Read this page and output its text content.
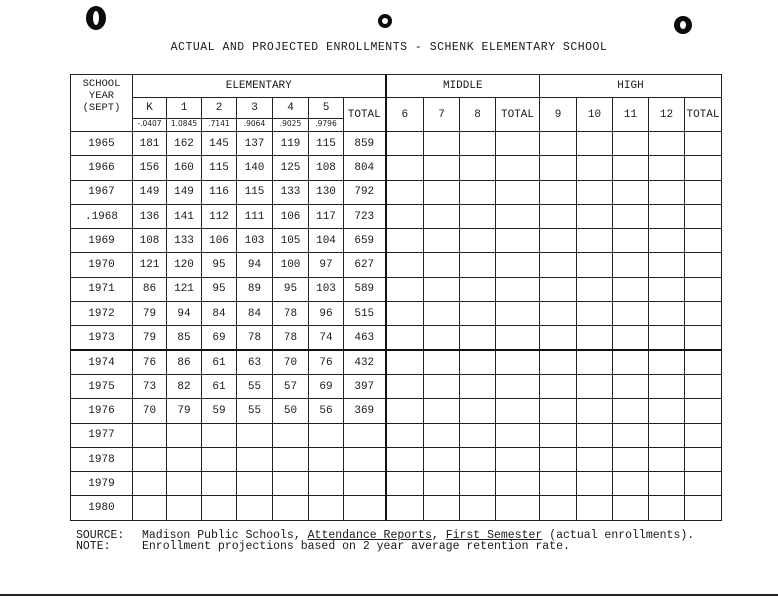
ACTUAL AND PROJECTED ENROLLMENTS - SCHENK ELEMENTARY SCHOOL
SCHOOL
YEAR
(SEPT)	ELEMENTARY							MIDDLE				HIGH				
	K	1	2	3	4	5	TOTAL	6	7	8	TOTAL	9	10	11	12	TOTAL
	-.0407	1.0845	.7141	.9064	.9025	.9796										
1965	181	162	145	137	119	115	859									
1966	156	160	115	140	125	108	804									
1967	149	149	116	115	133	130	792									
.1968	136	141	112	111	106	117	723									
1969	108	133	106	103	105	104	659									
1970	121	120	95	94	100	97	627									
1971	86	121	95	89	95	103	589									
1972	79	94	84	84	78	96	515									
1973	79	85	69	78	78	74	463									
1974	76	86	61	63	70	76	432									
1975	73	82	61	55	57	69	397									
1976	70	79	59	55	50	56	369									
1977																
1978																
1979																
1980																
SOURCE:	Madison Public Schools, Attendance Reports, First Semester (actual enrollments).
NOTE:	Enrollment projections based on 2 year average retention rate.
